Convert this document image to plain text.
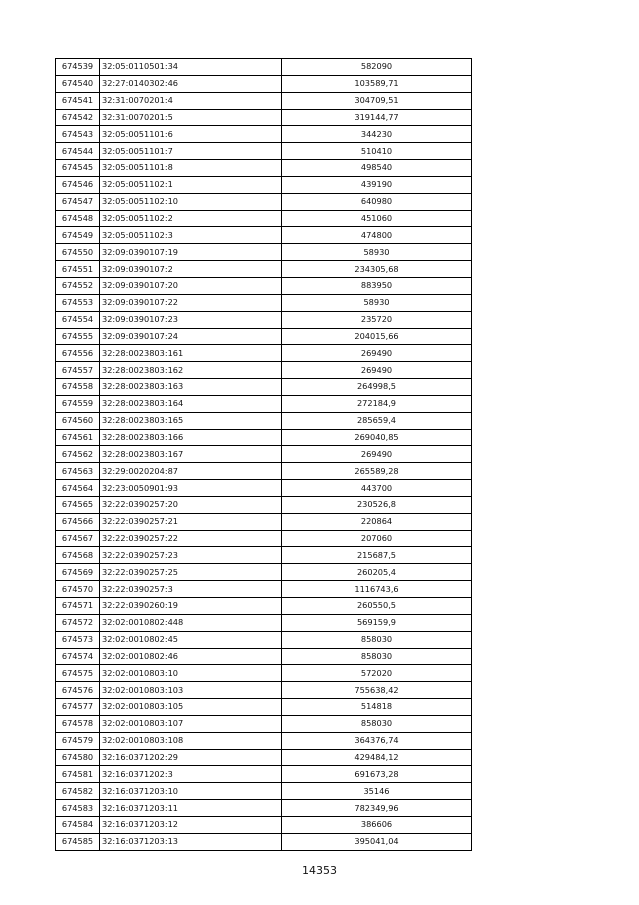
674539	32:05:0110501:34	582090
674540	32:27:0140302:46	103589,71
674541	32:31:0070201:4	304709,51
674542	32:31:0070201:5	319144,77
674543	32:05:0051101:6	344230
674544	32:05:0051101:7	510410
674545	32:05:0051101:8	498540
674546	32:05:0051102:1	439190
674547	32:05:0051102:10	640980
674548	32:05:0051102:2	451060
674549	32:05:0051102:3	474800
674550	32:09:0390107:19	58930
674551	32:09:0390107:2	234305,68
674552	32:09:0390107:20	883950
674553	32:09:0390107:22	58930
674554	32:09:0390107:23	235720
674555	32:09:0390107:24	204015,66
674556	32:28:0023803:161	269490
674557	32:28:0023803:162	269490
674558	32:28:0023803:163	264998,5
674559	32:28:0023803:164	272184,9
674560	32:28:0023803:165	285659,4
674561	32:28:0023803:166	269040,85
674562	32:28:0023803:167	269490
674563	32:29:0020204:87	265589,28
674564	32:23:0050901:93	443700
674565	32:22:0390257:20	230526,8
674566	32:22:0390257:21	220864
674567	32:22:0390257:22	207060
674568	32:22:0390257:23	215687,5
674569	32:22:0390257:25	260205,4
674570	32:22:0390257:3	1116743,6
674571	32:22:0390260:19	260550,5
674572	32:02:0010802:448	569159,9
674573	32:02:0010802:45	858030
674574	32:02:0010802:46	858030
674575	32:02:0010803:10	572020
674576	32:02:0010803:103	755638,42
674577	32:02:0010803:105	514818
674578	32:02:0010803:107	858030
674579	32:02:0010803:108	364376,74
674580	32:16:0371202:29	429484,12
674581	32:16:0371202:3	691673,28
674582	32:16:0371203:10	35146
674583	32:16:0371203:11	782349,96
674584	32:16:0371203:12	386606
674585	32:16:0371203:13	395041,04
14353
